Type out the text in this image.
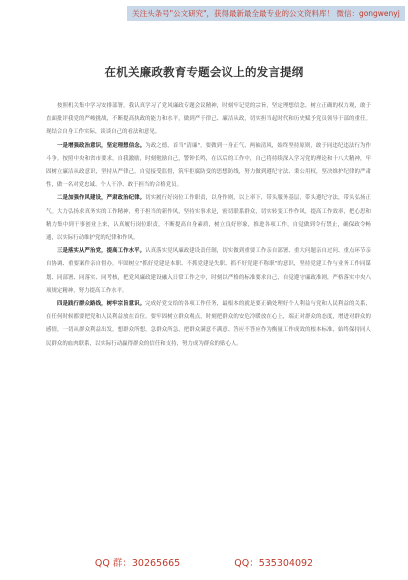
关注头条号"公文研究"，获得最新最全最专业的公文资料库！ 微信：gongwenyj
在机关廉政教育专题会议上的发言提纲

按照机关集中学习安排部署，我认真学习了党风廉政专题会议精神，时刻牢记党的宗旨，坚定理想信念，树立正确的权力观，敢于直面批评我党的严峻挑战，不断提高执政的能力和水平，做到严于律己、廉洁从政，切实担当起时代和历史赋予党员领导干部的重任。现结合自身工作实际，谈谈自己的看法和意见。

一是增强政治意识，坚定理想信念。为政之德，首当"清廉"，要做到一身正气、两袖清风，始终坚持原则，敢于同违纪违法行为作斗争。按照中央和省市要求，自我激励，时刻勉励自己，警钟长鸣，在以后的工作中，自己将持续深入学习党的理论和十八大精神，牢固树立廉洁从政意识，坚持从严律己，自觉接受监督，筑牢拒腐防变的思想防线，努力做到遵纪守法、秉公用权，坚决维护纪律的严肃性，做一名对党忠诚、个人干净、敢于担当的合格党员。

二是加强作风建设，严肃政治纪律。切实履行好岗位工作职责，以身作则，以上率下，带头服务基层，带头遵纪守法，带头弘扬正气。大力弘扬求真务实的工作精神，勇于担当的新作风，坚持实事求是，密切联系群众，切实转变工作作风，提高工作效率，把心思和精力集中到干事创业上来，认真履行岗位职责，不断提高自身素质，树立良好形象，推进各项工作，自觉做到令行禁止，确保政令畅通，以实际行动维护党的纪律和作风。

三是落实从严治党，提高工作水平。认真落实党风廉政建设责任制，切实做到重要工作亲自部署、重大问题亲自过问、重点环节亲自协调、重要案件亲自督办。牢固树立"抓好党建是本职、不抓党建是失职、抓不好党建不称职"的意识，坚持党建工作与业务工作同谋划、同部署、同落实、同考核，把党风廉政建设融入日常工作之中，时刻以严格的标准要求自己，自觉遵守廉政准则，严格落实中央八项规定精神，努力提高工作水平。

四是践行群众路线，树牢宗旨意识。完成好党交给的各项工作任务，最根本的就是要正确处理好个人利益与党和人民利益的关系，在任何时候都要把党和人民利益放在首位。要牢固树立群众观点，时刻把群众的安危冷暖放在心上，端正对群众的态度，增进对群众的感情，一切从群众利益出发，想群众所想，急群众所急，把群众满意不满意、答应不答应作为衡量工作成效的根本标准，始终保持同人民群众的血肉联系，以实际行动赢得群众的信任和支持，努力成为群众的贴心人。

QQ 群：30265665	QQ：535304092
